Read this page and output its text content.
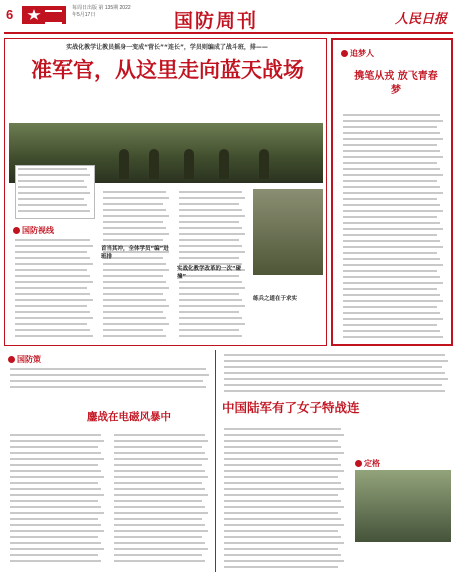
6	每周日出版 第 135期 2022年5月17日	国防周刊	人民日报
实战化教学让教员摇身一变成“营长”“连长”，学员则编成了战斗班，排——
准军官，从这里走向蓝天战场
国防视线
首当其冲，全体学员“编”进班排
实战化教学改革的一次“碰撞”
练兵之道在于求实
追梦人
携笔从戎 放飞青春梦
国防策
鏖战在电磁风暴中
中国陆军有了女子特战连
定格
